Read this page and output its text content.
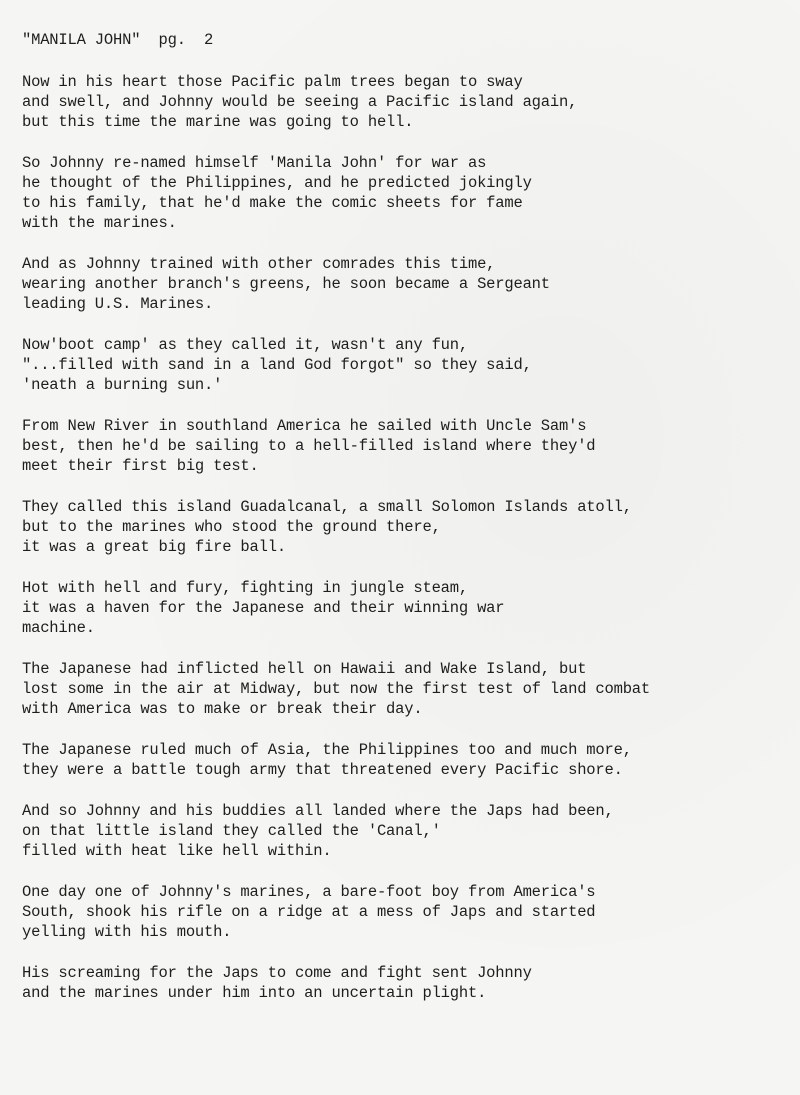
"MANILA JOHN"  pg.  2
Now in his heart those Pacific palm trees began to sway
and swell, and Johnny would be seeing a Pacific island again,
but this time the marine was going to hell.
So Johnny re-named himself 'Manila John' for war as
he thought of the Philippines, and he predicted jokingly
to his family, that he'd make the comic sheets for fame
with the marines.
And as Johnny trained with other comrades this time,
wearing another branch's greens, he soon became a Sergeant
leading U.S. Marines.
Now'boot camp' as they called it, wasn't any fun,
"...filled with sand in a land God forgot" so they said,
'neath a burning sun.'
From New River in southland America he sailed with Uncle Sam's
best, then he'd be sailing to a hell-filled island where they'd
meet their first big test.
They called this island Guadalcanal, a small Solomon Islands atoll,
but to the marines who stood the ground there,
it was a great big fire ball.
Hot with hell and fury, fighting in jungle steam,
it was a haven for the Japanese and their winning war
machine.
The Japanese had inflicted hell on Hawaii and Wake Island, but
lost some in the air at Midway, but now the first test of land combat
with America was to make or break their day.
The Japanese ruled much of Asia, the Philippines too and much more,
they were a battle tough army that threatened every Pacific shore.
And so Johnny and his buddies all landed where the Japs had been,
on that little island they called the 'Canal,'
filled with heat like hell within.
One day one of Johnny's marines, a bare-foot boy from America's
South, shook his rifle on a ridge at a mess of Japs and started
yelling with his mouth.
His screaming for the Japs to come and fight sent Johnny
and the marines under him into an uncertain plight.
